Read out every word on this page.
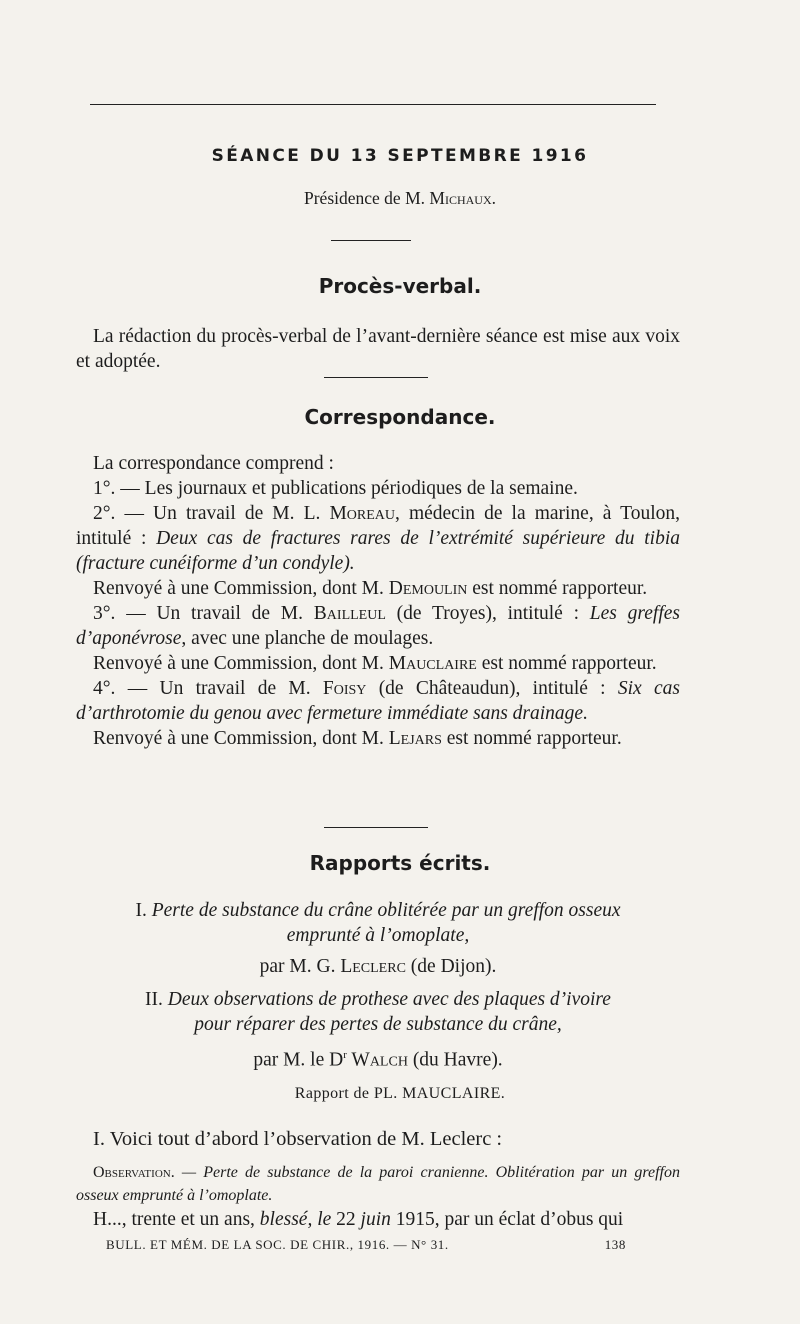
SÉANCE DU 13 SEPTEMBRE 1916
Présidence de M. Michaux.
Procès-verbal.

La rédaction du procès-verbal de l’avant-dernière séance est mise aux voix et adoptée.

Correspondance.

La correspondance comprend :

1°. — Les journaux et publications périodiques de la semaine.

2°. — Un travail de M. L. Moreau, médecin de la marine, à Toulon, intitulé : Deux cas de fractures rares de l’extrémité supérieure du tibia (fracture cunéiforme d’un condyle).

Renvoyé à une Commission, dont M. Demoulin est nommé rapporteur.

3°. — Un travail de M. Bailleul (de Troyes), intitulé : Les greffes d’aponévrose, avec une planche de moulages.

Renvoyé à une Commission, dont M. Mauclaire est nommé rapporteur.

4°. — Un travail de M. Foisy (de Châteaudun), intitulé : Six cas d’arthrotomie du genou avec fermeture immédiate sans drainage.

Renvoyé à une Commission, dont M. Lejars est nommé rapporteur.

Rapports écrits.

I. Perte de substance du crâne oblitérée par un greffon osseux

emprunté à l’omoplate,

par M. G. Leclerc (de Dijon).

II. Deux observations de prothese avec des plaques d’ivoire

pour réparer des pertes de substance du crâne,

par M. le $D^r$ Walch (du Havre).

Rapport de PL. MAUCLAIRE.

I. Voici tout d’abord l’observation de M. Leclerc :

Observation. — Perte de substance de la paroi cranienne. Oblitération par un greffon osseux emprunté à l’omoplate.

H..., trente et un ans, blessé, le 22 juin 1915, par un éclat d’obus qui

BULL. ET MÉM. DE LA SOC. DE CHIR., 1916. — N° 31.	138
